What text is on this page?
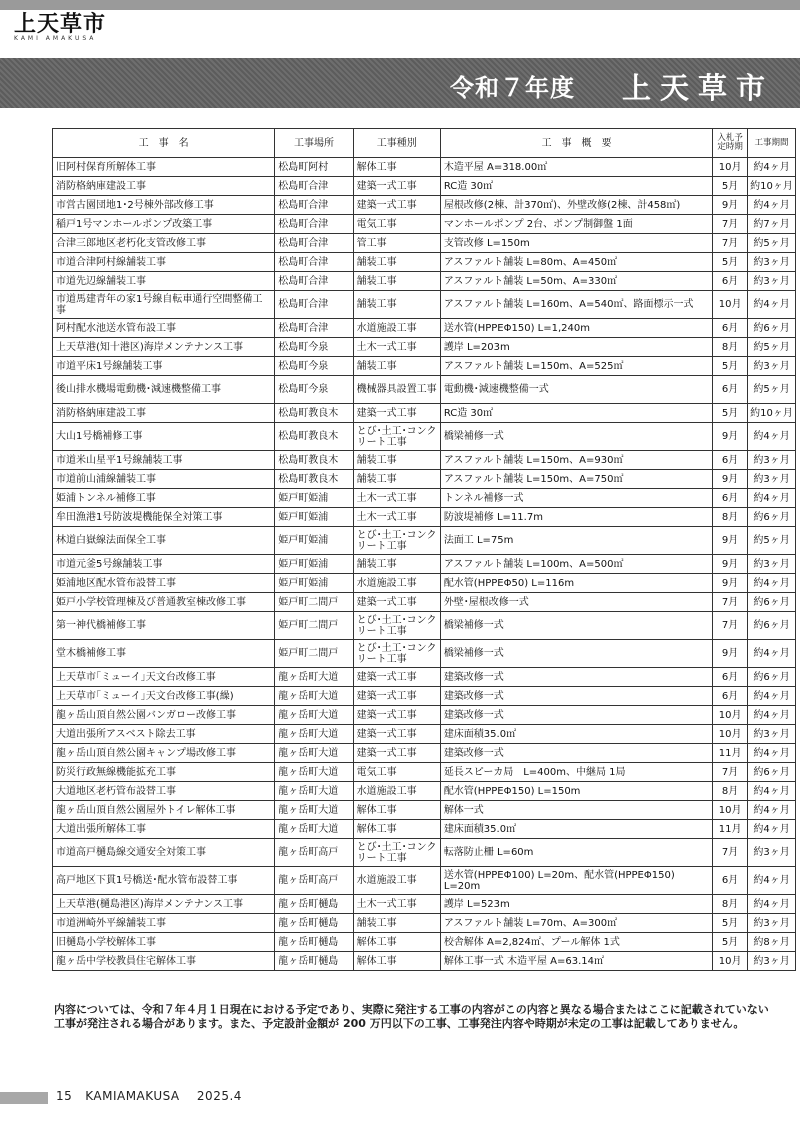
上天草市
KAMI AMAKUSA
令和７年度 上天草市
工　事　名	工事場所	工事種別	工　事　概　要	入札予定時期	工事期間
旧阿村保育所解体工事	松島町阿村	解体工事	木造平屋 A=318.00㎡	10月	約4ヶ月
消防格納庫建設工事	松島町合津	建築一式工事	RC造 30㎡	5月	約10ヶ月
市営古園団地1･2号棟外部改修工事	松島町合津	建築一式工事	屋根改修(2棟、計370㎡)、外壁改修(2棟、計458㎡)	9月	約4ヶ月
稲戸1号マンホールポンプ改築工事	松島町合津	電気工事	マンホールポンプ 2台、ポンプ制御盤 1面	7月	約7ヶ月
合津三郎地区老朽化支管改修工事	松島町合津	管工事	支管改修 L=150m	7月	約5ヶ月
市道合津阿村線舗装工事	松島町合津	舗装工事	アスファルト舗装 L=80m、A=450㎡	5月	約3ヶ月
市道先辺線舗装工事	松島町合津	舗装工事	アスファルト舗装 L=50m、A=330㎡	6月	約3ヶ月
市道馬建青年の家1号線自転車通行空間整備工事	松島町合津	舗装工事	アスファルト舗装 L=160m、A=540㎡、路面標示一式	10月	約4ヶ月
阿村配水池送水管布設工事	松島町合津	水道施設工事	送水管(HPPEΦ150) L=1,240m	6月	約6ヶ月
上天草港(知十港区)海岸メンテナンス工事	松島町今泉	土木一式工事	護岸 L=203m	8月	約5ヶ月
市道平床1号線舗装工事	松島町今泉	舗装工事	アスファルト舗装 L=150m、A=525㎡	5月	約3ヶ月
後山排水機場電動機･減速機整備工事	松島町今泉	機械器具設置工事	電動機･減速機整備一式	6月	約5ヶ月
消防格納庫建設工事	松島町教良木	建築一式工事	RC造 30㎡	5月	約10ヶ月
大山1号橋補修工事	松島町教良木	とび･土工･コンクリート工事	橋梁補修一式	9月	約4ヶ月
市道米山星平1号線舗装工事	松島町教良木	舗装工事	アスファルト舗装 L=150m、A=930㎡	6月	約3ヶ月
市道前山浦線舗装工事	松島町教良木	舗装工事	アスファルト舗装 L=150m、A=750㎡	9月	約3ヶ月
姫浦トンネル補修工事	姫戸町姫浦	土木一式工事	トンネル補修一式	6月	約4ヶ月
牟田漁港1号防波堤機能保全対策工事	姫戸町姫浦	土木一式工事	防波堤補修 L=11.7m	8月	約6ヶ月
林道白嶽線法面保全工事	姫戸町姫浦	とび･土工･コンクリート工事	法面工 L=75m	9月	約5ヶ月
市道元釜5号線舗装工事	姫戸町姫浦	舗装工事	アスファルト舗装 L=100m、A=500㎡	9月	約3ヶ月
姫浦地区配水管布設替工事	姫戸町姫浦	水道施設工事	配水管(HPPEΦ50) L=116m	9月	約4ヶ月
姫戸小学校管理棟及び普通教室棟改修工事	姫戸町二間戸	建築一式工事	外壁･屋根改修一式	7月	約6ヶ月
第一神代橋補修工事	姫戸町二間戸	とび･土工･コンクリート工事	橋梁補修一式	7月	約6ヶ月
堂木橋補修工事	姫戸町二間戸	とび･土工･コンクリート工事	橋梁補修一式	9月	約4ヶ月
上天草市｢ミューイ｣天文台改修工事	龍ヶ岳町大道	建築一式工事	建築改修一式	6月	約6ヶ月
上天草市｢ミューイ｣天文台改修工事(繰)	龍ヶ岳町大道	建築一式工事	建築改修一式	6月	約4ヶ月
龍ヶ岳山頂自然公園バンガロー改修工事	龍ヶ岳町大道	建築一式工事	建築改修一式	10月	約4ヶ月
大道出張所アスベスト除去工事	龍ヶ岳町大道	建築一式工事	建床面積35.0㎡	10月	約3ヶ月
龍ヶ岳山頂自然公園キャンプ場改修工事	龍ヶ岳町大道	建築一式工事	建築改修一式	11月	約4ヶ月
防災行政無線機能拡充工事	龍ヶ岳町大道	電気工事	延長スピーカ局　L=400m、中継局 1局	7月	約6ヶ月
大道地区老朽管布設替工事	龍ヶ岳町大道	水道施設工事	配水管(HPPEΦ150) L=150m	8月	約4ヶ月
龍ヶ岳山頂自然公園屋外トイレ解体工事	龍ヶ岳町大道	解体工事	解体一式	10月	約4ヶ月
大道出張所解体工事	龍ヶ岳町大道	解体工事	建床面積35.0㎡	11月	約4ヶ月
市道高戸樋島線交通安全対策工事	龍ヶ岳町高戸	とび･土工･コンクリート工事	転落防止柵 L=60m	7月	約3ヶ月
高戸地区下貫1号橋送･配水管布設替工事	龍ヶ岳町高戸	水道施設工事	送水管(HPPEΦ100) L=20m、配水管(HPPEΦ150) L=20m	6月	約4ヶ月
上天草港(樋島港区)海岸メンテナンス工事	龍ヶ岳町樋島	土木一式工事	護岸 L=523m	8月	約4ヶ月
市道洲崎外平線舗装工事	龍ヶ岳町樋島	舗装工事	アスファルト舗装 L=70m、A=300㎡	5月	約3ヶ月
旧樋島小学校解体工事	龍ヶ岳町樋島	解体工事	校舎解体 A=2,824㎡、プール解体 1式	5月	約8ヶ月
龍ヶ岳中学校教員住宅解体工事	龍ヶ岳町樋島	解体工事	解体工事一式 木造平屋 A=63.14㎡	10月	約3ヶ月
内容については、令和７年４月１日現在における予定であり、実際に発注する工事の内容がこの内容と異なる場合またはここに記載されていない工事が発注される場合があります。また、予定設計金額が 200 万円以下の工事、工事発注内容や時期が未定の工事は記載してありません。
15 KAMIAMAKUSA 2025.4
